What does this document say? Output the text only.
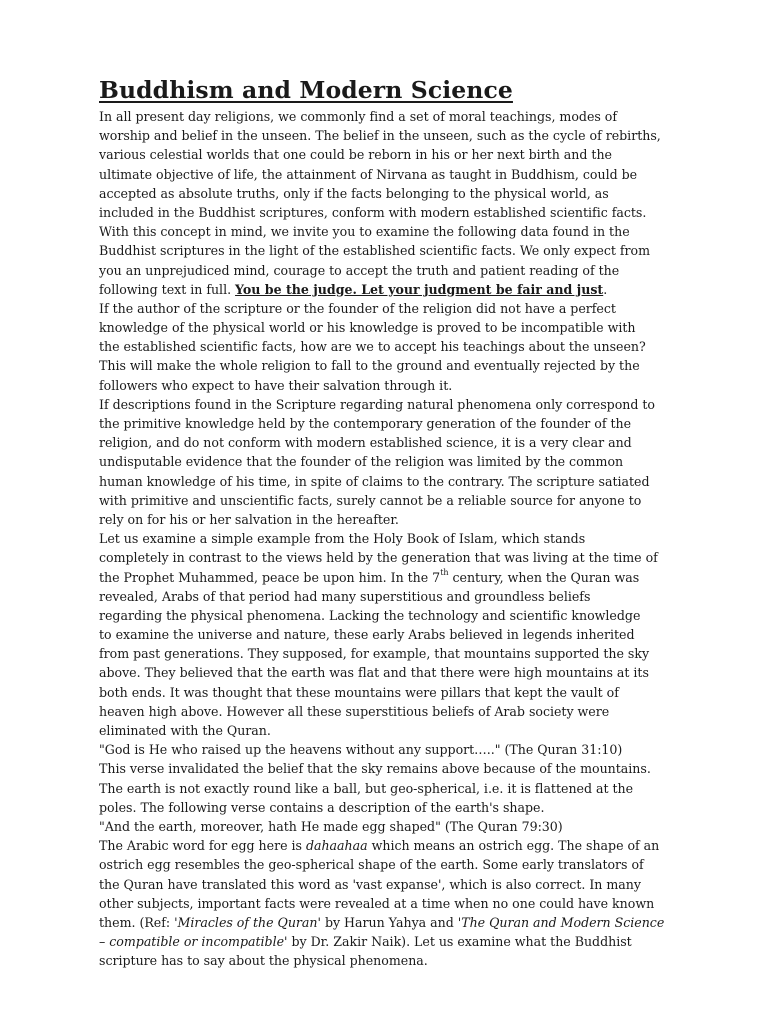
Buddhism and Modern Science
In all present day religions, we commonly find a set of moral teachings, modes of
worship and belief in the unseen. The belief in the unseen, such as the cycle of rebirths,
various celestial worlds that one could be reborn in his or her next birth and the
ultimate objective of life, the attainment of Nirvana as taught in Buddhism, could be
accepted as absolute truths, only if the facts belonging to the physical world, as
included in the Buddhist scriptures, conform with modern established scientific facts.
With this concept in mind, we invite you to examine the following data found in the
Buddhist scriptures in the light of the established scientific facts. We only expect from
you an unprejudiced mind, courage to accept the truth and patient reading of the
following text in full. You be the judge. Let your judgment be fair and just.
If the author of the scripture or the founder of the religion did not have a perfect
knowledge of the physical world or his knowledge is proved to be incompatible with
the established scientific facts, how are we to accept his teachings about the unseen?
This will make the whole religion to fall to the ground and eventually rejected by the
followers who expect to have their salvation through it.
If descriptions found in the Scripture regarding natural phenomena only correspond to
the primitive knowledge held by the contemporary generation of the founder of the
religion, and do not conform with modern established science, it is a very clear and
undisputable evidence that the founder of the religion was limited by the common
human knowledge of his time, in spite of claims to the contrary. The scripture satiated
with primitive and unscientific facts, surely cannot be a reliable source for anyone to
rely on for his or her salvation in the hereafter.
Let us examine a simple example from the Holy Book of Islam, which stands
completely in contrast to the views held by the generation that was living at the time of
the Prophet Muhammed, peace be upon him. In the 7th century, when the Quran was
revealed, Arabs of that period had many superstitious and groundless beliefs
regarding the physical phenomena. Lacking the technology and scientific knowledge
to examine the universe and nature, these early Arabs believed in legends inherited
from past generations. They supposed, for example, that mountains supported the sky
above. They believed that the earth was flat and that there were high mountains at its
both ends. It was thought that these mountains were pillars that kept the vault of
heaven high above. However all these superstitious beliefs of Arab society were
eliminated with the Quran.
"God is He who raised up the heavens without any support….." (The Quran 31:10)
This verse invalidated the belief that the sky remains above because of the mountains.
The earth is not exactly round like a ball, but geo-spherical, i.e. it is flattened at the
poles. The following verse contains a description of the earth's shape.
"And the earth, moreover, hath He made egg shaped" (The Quran 79:30)
The Arabic word for egg here is dahaahaa which means an ostrich egg. The shape of an
ostrich egg resembles the geo-spherical shape of the earth. Some early translators of
the Quran have translated this word as 'vast expanse', which is also correct. In many
other subjects, important facts were revealed at a time when no one could have known
them. (Ref: 'Miracles of the Quran' by Harun Yahya and 'The Quran and Modern Science
– compatible or incompatible' by Dr. Zakir Naik). Let us examine what the Buddhist
scripture has to say about the physical phenomena.
